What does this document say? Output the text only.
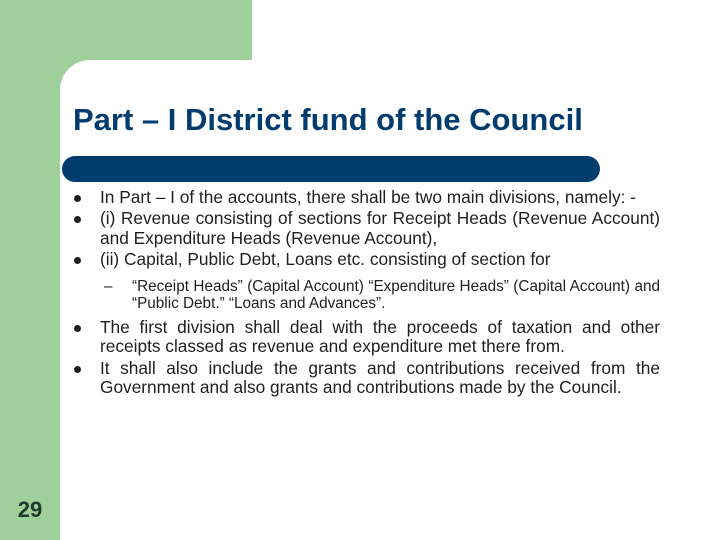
Part – I District fund of the Council
In Part – I of the accounts, there shall be two main divisions, namely: -
(i) Revenue consisting of sections for Receipt Heads (Revenue Account) and Expenditure Heads (Revenue Account),
(ii) Capital, Public Debt, Loans etc. consisting of section for
– “Receipt Heads” (Capital Account) “Expenditure Heads” (Capital Account) and “Public Debt.” “Loans and Advances”.
The first division shall deal with the proceeds of taxation and other receipts classed as revenue and expenditure met there from.
It shall also include the grants and contributions received from the Government and also grants and contributions made by the Council.
29
